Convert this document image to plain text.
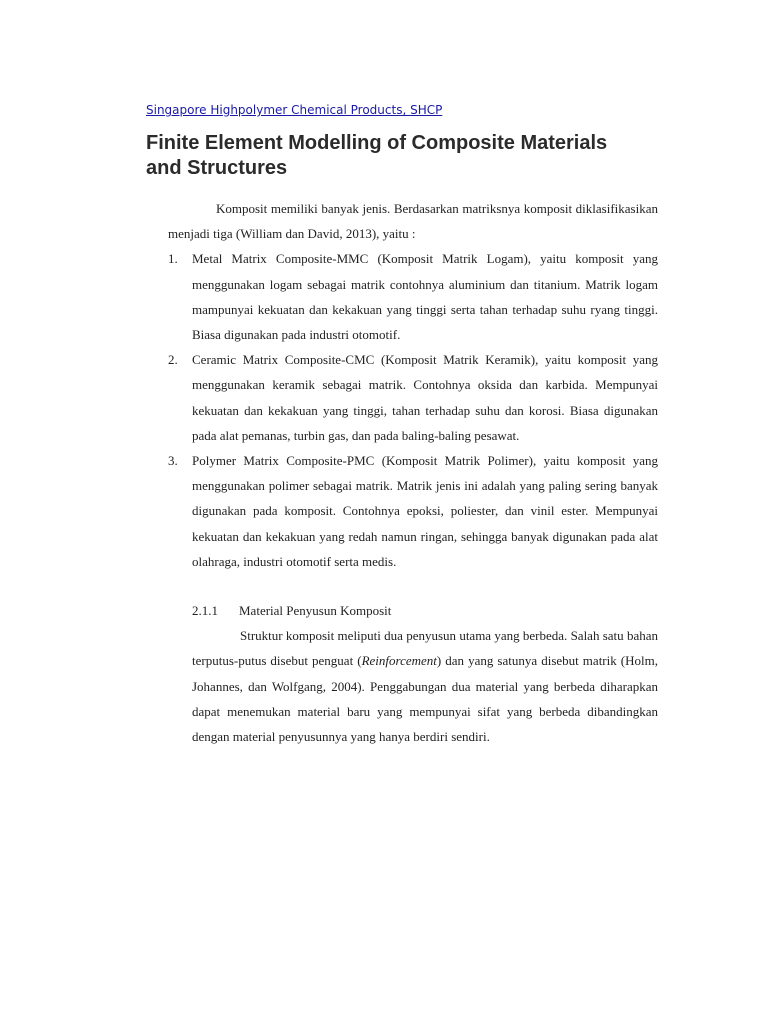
Singapore Highpolymer Chemical Products, SHCP
Finite Element Modelling of Composite Materials and Structures

Komposit memiliki banyak jenis. Berdasarkan matriksnya komposit diklasifikasikan menjadi tiga (William dan David, 2013), yaitu :

1. Metal Matrix Composite-MMC (Komposit Matrik Logam), yaitu komposit yang menggunakan logam sebagai matrik contohnya aluminium dan titanium. Matrik logam mampunyai kekuatan dan kekakuan yang tinggi serta tahan terhadap suhu ryang tinggi. Biasa digunakan pada industri otomotif.
2. Ceramic Matrix Composite-CMC (Komposit Matrik Keramik), yaitu komposit yang menggunakan keramik sebagai matrik. Contohnya oksida dan karbida. Mempunyai kekuatan dan kekakuan yang tinggi, tahan terhadap suhu dan korosi. Biasa digunakan pada alat pemanas, turbin gas, dan pada baling-baling pesawat.
3. Polymer Matrix Composite-PMC (Komposit Matrik Polimer), yaitu komposit yang menggunakan polimer sebagai matrik. Matrik jenis ini adalah yang paling sering banyak digunakan pada komposit. Contohnya epoksi, poliester, dan vinil ester. Mempunyai kekuatan dan kekakuan yang redah namun ringan, sehingga banyak digunakan pada alat olahraga, industri otomotif serta medis.

2.1.1 Material Penyusun Komposit

Struktur komposit meliputi dua penyusun utama yang berbeda. Salah satu bahan terputus-putus disebut penguat (Reinforcement) dan yang satunya disebut matrik (Holm, Johannes, dan Wolfgang, 2004). Penggabungan dua material yang berbeda diharapkan dapat menemukan material baru yang mempunyai sifat yang berbeda dibandingkan dengan material penyusunnya yang hanya berdiri sendiri.
